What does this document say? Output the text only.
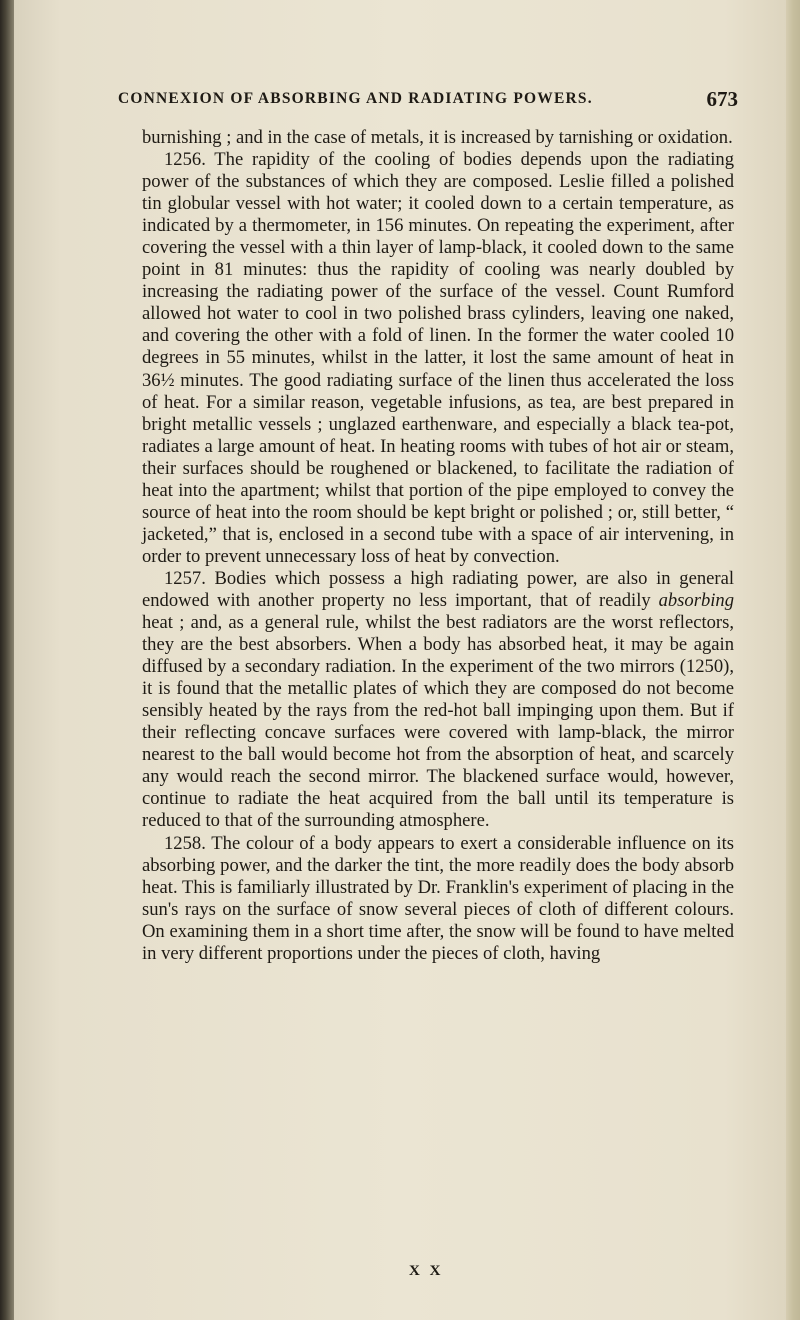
CONNEXION OF ABSORBING AND RADIATING POWERS.	673

burnishing ; and in the case of metals, it is increased by tarnishing or oxidation.

1256. The rapidity of the cooling of bodies depends upon the radiating power of the substances of which they are composed. Leslie filled a polished tin globular vessel with hot water; it cooled down to a certain temperature, as indicated by a thermometer, in 156 minutes. On repeating the experiment, after covering the vessel with a thin layer of lamp-black, it cooled down to the same point in 81 minutes: thus the rapidity of cooling was nearly doubled by increasing the radiating power of the surface of the vessel. Count Rumford allowed hot water to cool in two polished brass cylinders, leaving one naked, and covering the other with a fold of linen. In the former the water cooled 10 degrees in 55 minutes, whilst in the latter, it lost the same amount of heat in 36½ minutes. The good radiating surface of the linen thus accelerated the loss of heat. For a similar reason, vegetable infusions, as tea, are best prepared in bright metallic vessels ; unglazed earthenware, and especially a black tea-pot, radiates a large amount of heat. In heating rooms with tubes of hot air or steam, their surfaces should be roughened or blackened, to facilitate the radiation of heat into the apartment; whilst that portion of the pipe employed to convey the source of heat into the room should be kept bright or polished ; or, still better, “ jacketed,” that is, enclosed in a second tube with a space of air intervening, in order to prevent unnecessary loss of heat by convection.

1257. Bodies which possess a high radiating power, are also in general endowed with another property no less important, that of readily absorbing heat ; and, as a general rule, whilst the best radiators are the worst reflectors, they are the best absorbers. When a body has absorbed heat, it may be again diffused by a secondary radiation. In the experiment of the two mirrors (1250), it is found that the metallic plates of which they are composed do not become sensibly heated by the rays from the red-hot ball impinging upon them. But if their reflecting concave surfaces were covered with lamp-black, the mirror nearest to the ball would become hot from the absorption of heat, and scarcely any would reach the second mirror. The blackened surface would, however, continue to radiate the heat acquired from the ball until its temperature is reduced to that of the surrounding atmosphere.

1258. The colour of a body appears to exert a considerable influence on its absorbing power, and the darker the tint, the more readily does the body absorb heat. This is familiarly illustrated by Dr. Franklin's experiment of placing in the sun's rays on the surface of snow several pieces of cloth of different colours. On examining them in a short time after, the snow will be found to have melted in very different proportions under the pieces of cloth, having

X X
